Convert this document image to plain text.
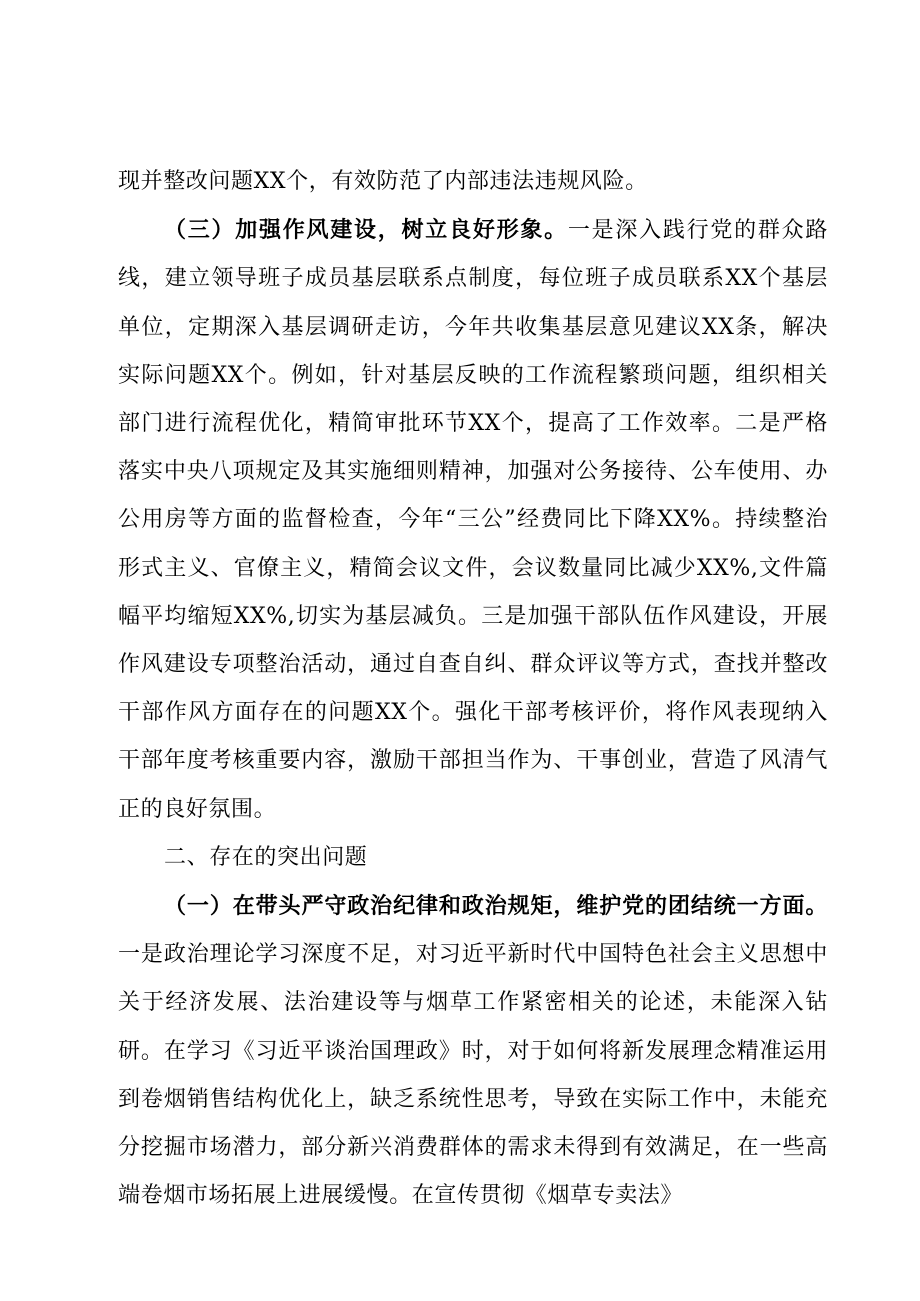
现并整改问题XX个，有效防范了内部违法违规风险。

（三）加强作风建设，树立良好形象。一是深入践行党的群众路线，建立领导班子成员基层联系点制度，每位班子成员联系XX个基层单位，定期深入基层调研走访，今年共收集基层意见建议XX条，解决实际问题XX个。例如，针对基层反映的工作流程繁琐问题，组织相关部门进行流程优化，精简审批环节XX个，提高了工作效率。二是严格落实中央八项规定及其实施细则精神，加强对公务接待、公车使用、办公用房等方面的监督检查，今年“三公”经费同比下降XX%。持续整治形式主义、官僚主义，精简会议文件，会议数量同比减少XX%,文件篇幅平均缩短XX%,切实为基层减负。三是加强干部队伍作风建设，开展作风建设专项整治活动，通过自查自纠、群众评议等方式，查找并整改干部作风方面存在的问题XX个。强化干部考核评价，将作风表现纳入干部年度考核重要内容，激励干部担当作为、干事创业，营造了风清气正的良好氛围。

二、存在的突出问题

（一）在带头严守政治纪律和政治规矩，维护党的团结统一方面。一是政治理论学习深度不足，对习近平新时代中国特色社会主义思想中关于经济发展、法治建设等与烟草工作紧密相关的论述，未能深入钻研。在学习《习近平谈治国理政》时，对于如何将新发展理念精准运用到卷烟销售结构优化上，缺乏系统性思考，导致在实际工作中，未能充分挖掘市场潜力，部分新兴消费群体的需求未得到有效满足，在一些高端卷烟市场拓展上进展缓慢。在宣传贯彻《烟草专卖法》
